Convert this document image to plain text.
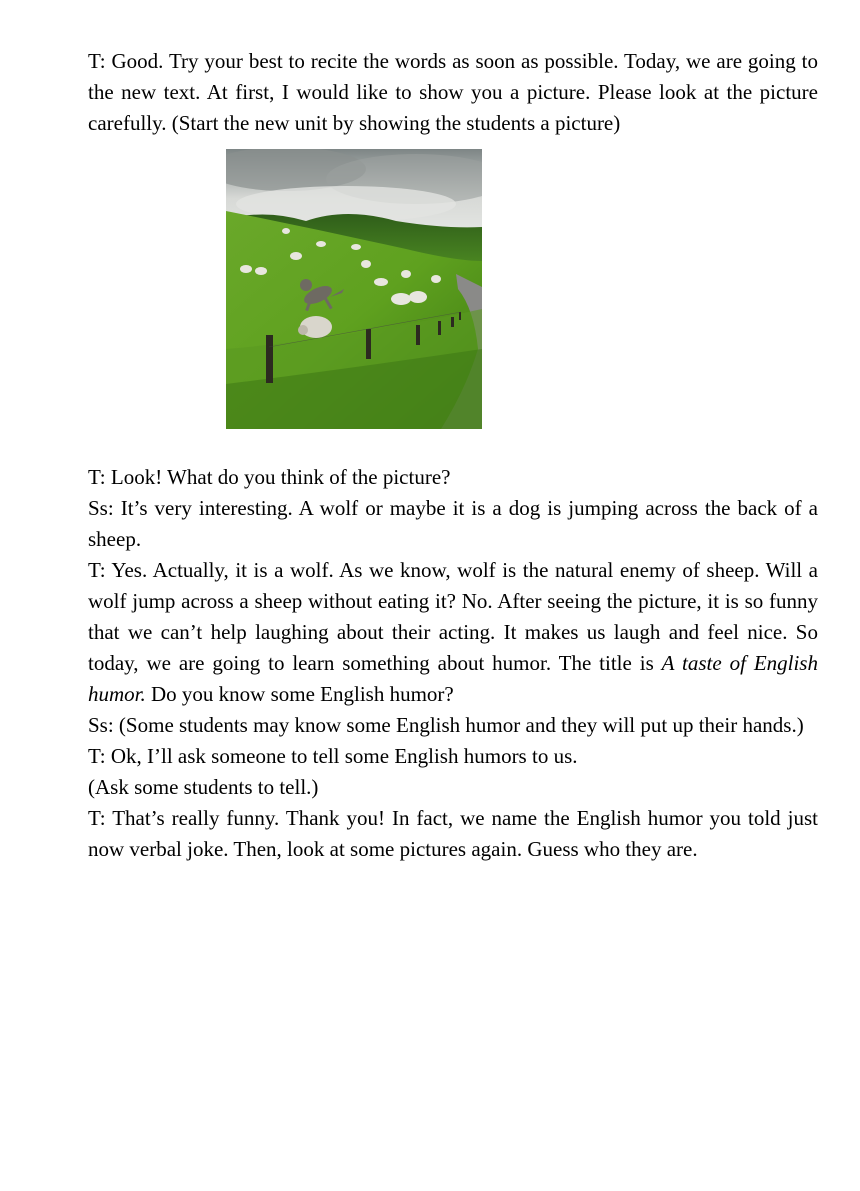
T: Good. Try your best to recite the words as soon as possible. Today, we are going to the new text. At first, I would like to show you a picture. Please look at the picture carefully. (Start the new unit by showing the students a picture)

T: Look! What do you think of the picture?

Ss: It’s very interesting. A wolf or maybe it is a dog is jumping across the back of a sheep.

T: Yes. Actually, it is a wolf. As we know, wolf is the natural enemy of sheep. Will a wolf jump across a sheep without eating it? No. After seeing the picture, it is so funny that we can’t help laughing about their acting. It makes us laugh and feel nice. So today, we are going to learn something about humor. The title is A taste of English humor. Do you know some English humor?

Ss: (Some students may know some English humor and they will put up their hands.)

T: Ok, I’ll ask someone to tell some English humors to us.

(Ask some students to tell.)

T: That’s really funny. Thank you! In fact, we name the English humor you told just now verbal joke. Then, look at some pictures again. Guess who they are.
